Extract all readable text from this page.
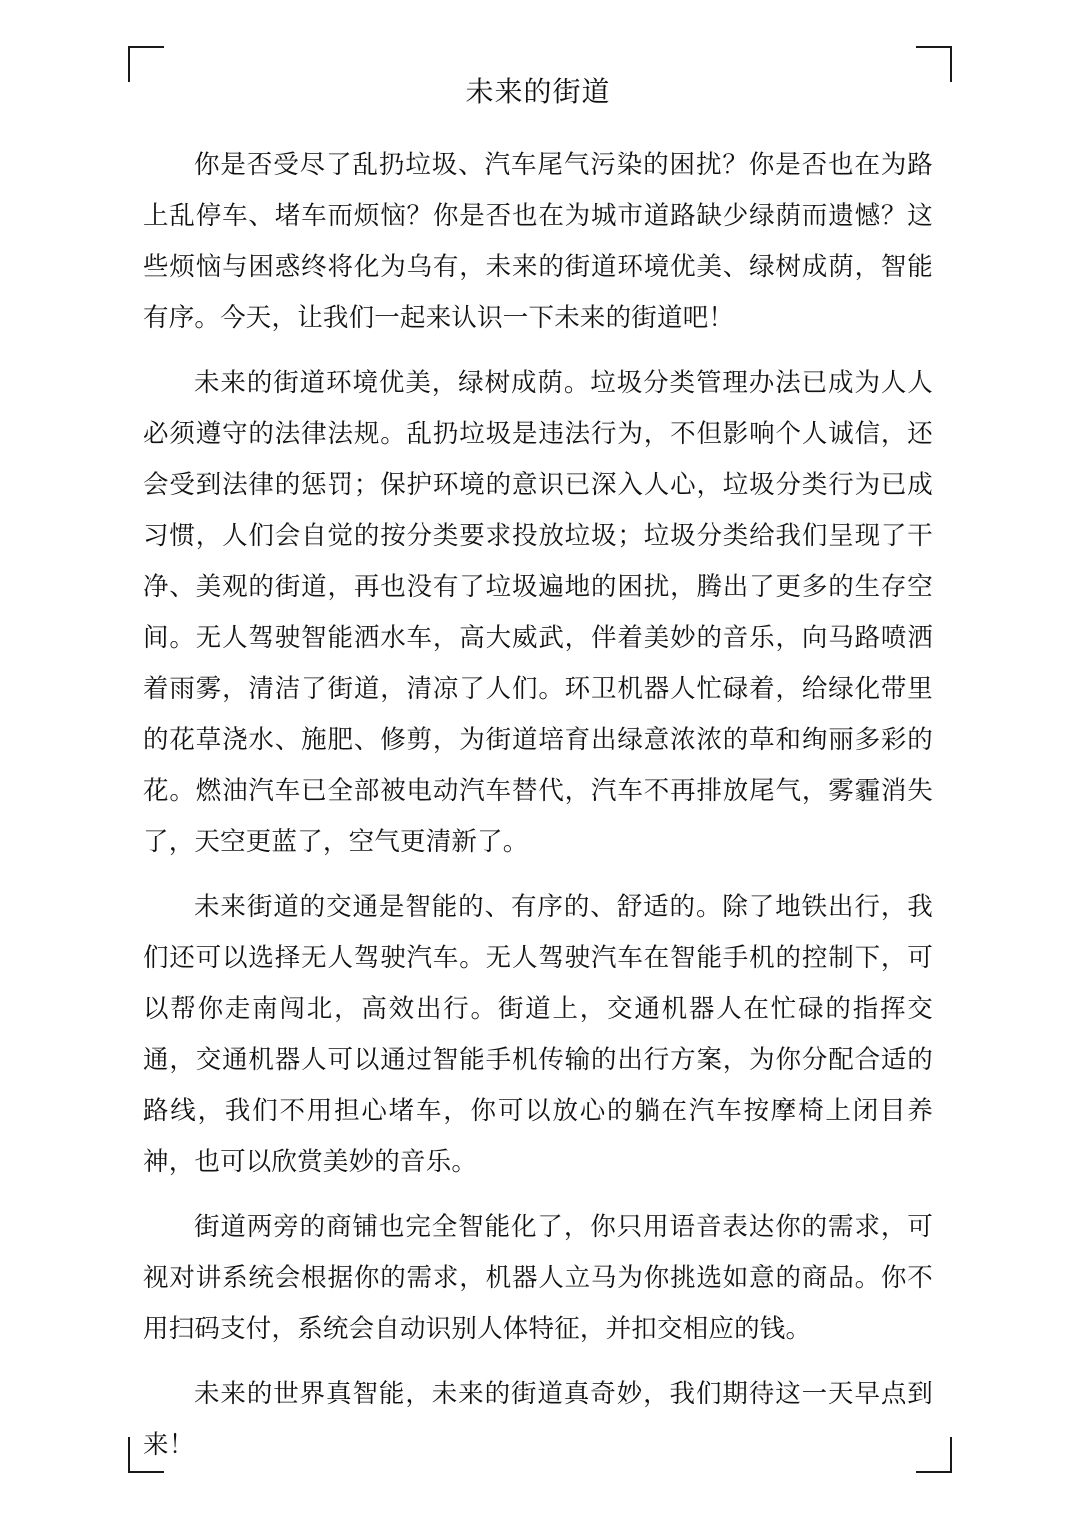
未来的街道

你是否受尽了乱扔垃圾、汽车尾气污染的困扰？你是否也在为路上乱停车、堵车而烦恼？你是否也在为城市道路缺少绿荫而遗憾？这些烦恼与困惑终将化为乌有，未来的街道环境优美、绿树成荫，智能有序。今天，让我们一起来认识一下未来的街道吧！

未来的街道环境优美，绿树成荫。垃圾分类管理办法已成为人人必须遵守的法律法规。乱扔垃圾是违法行为，不但影响个人诚信，还会受到法律的惩罚；保护环境的意识已深入人心，垃圾分类行为已成习惯，人们会自觉的按分类要求投放垃圾；垃圾分类给我们呈现了干净、美观的街道，再也没有了垃圾遍地的困扰，腾出了更多的生存空间。无人驾驶智能洒水车，高大威武，伴着美妙的音乐，向马路喷洒着雨雾，清洁了街道，清凉了人们。环卫机器人忙碌着，给绿化带里的花草浇水、施肥、修剪，为街道培育出绿意浓浓的草和绚丽多彩的花。燃油汽车已全部被电动汽车替代，汽车不再排放尾气，雾霾消失了，天空更蓝了，空气更清新了。

未来街道的交通是智能的、有序的、舒适的。除了地铁出行，我们还可以选择无人驾驶汽车。无人驾驶汽车在智能手机的控制下，可以帮你走南闯北，高效出行。街道上，交通机器人在忙碌的指挥交通，交通机器人可以通过智能手机传输的出行方案，为你分配合适的路线，我们不用担心堵车，你可以放心的躺在汽车按摩椅上闭目养神，也可以欣赏美妙的音乐。

街道两旁的商铺也完全智能化了，你只用语音表达你的需求，可视对讲系统会根据你的需求，机器人立马为你挑选如意的商品。你不用扫码支付，系统会自动识别人体特征，并扣交相应的钱。

未来的世界真智能，未来的街道真奇妙，我们期待这一天早点到来！
